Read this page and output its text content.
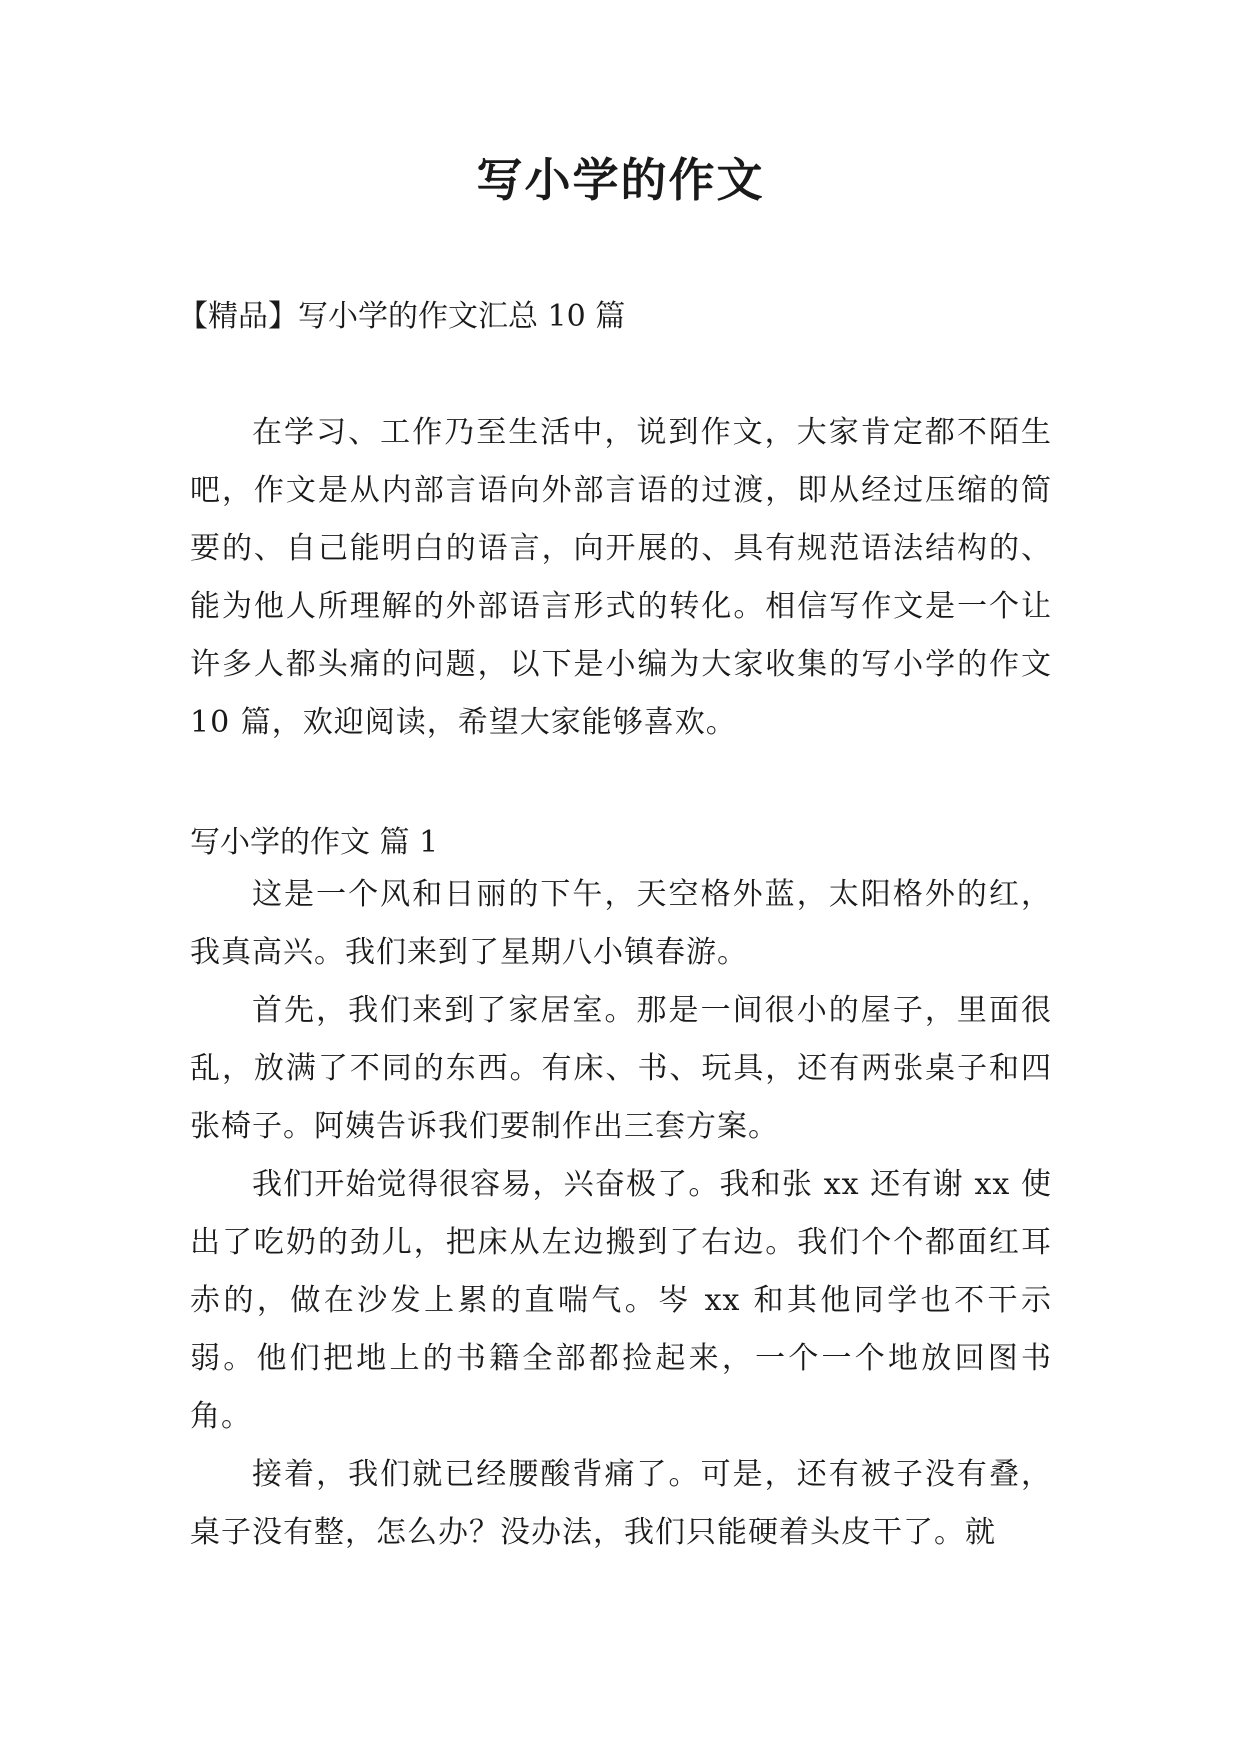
写小学的作文

【精品】写小学的作文汇总 10 篇

在学习、工作乃至生活中，说到作文，大家肯定都不陌生吧，作文是从内部言语向外部言语的过渡，即从经过压缩的简要的、自己能明白的语言，向开展的、具有规范语法结构的、能为他人所理解的外部语言形式的转化。相信写作文是一个让许多人都头痛的问题，以下是小编为大家收集的写小学的作文 10 篇，欢迎阅读，希望大家能够喜欢。

写小学的作文 篇 1

这是一个风和日丽的下午，天空格外蓝，太阳格外的红，我真高兴。我们来到了星期八小镇春游。

首先，我们来到了家居室。那是一间很小的屋子，里面很乱，放满了不同的东西。有床、书、玩具，还有两张桌子和四张椅子。阿姨告诉我们要制作出三套方案。

我们开始觉得很容易，兴奋极了。我和张 xx 还有谢 xx 使出了吃奶的劲儿，把床从左边搬到了右边。我们个个都面红耳赤的，做在沙发上累的直喘气。岑 xx 和其他同学也不干示弱。他们把地上的书籍全部都捡起来，一个一个地放回图书角。

接着，我们就已经腰酸背痛了。可是，还有被子没有叠，桌子没有整，怎么办？没办法，我们只能硬着头皮干了。就
